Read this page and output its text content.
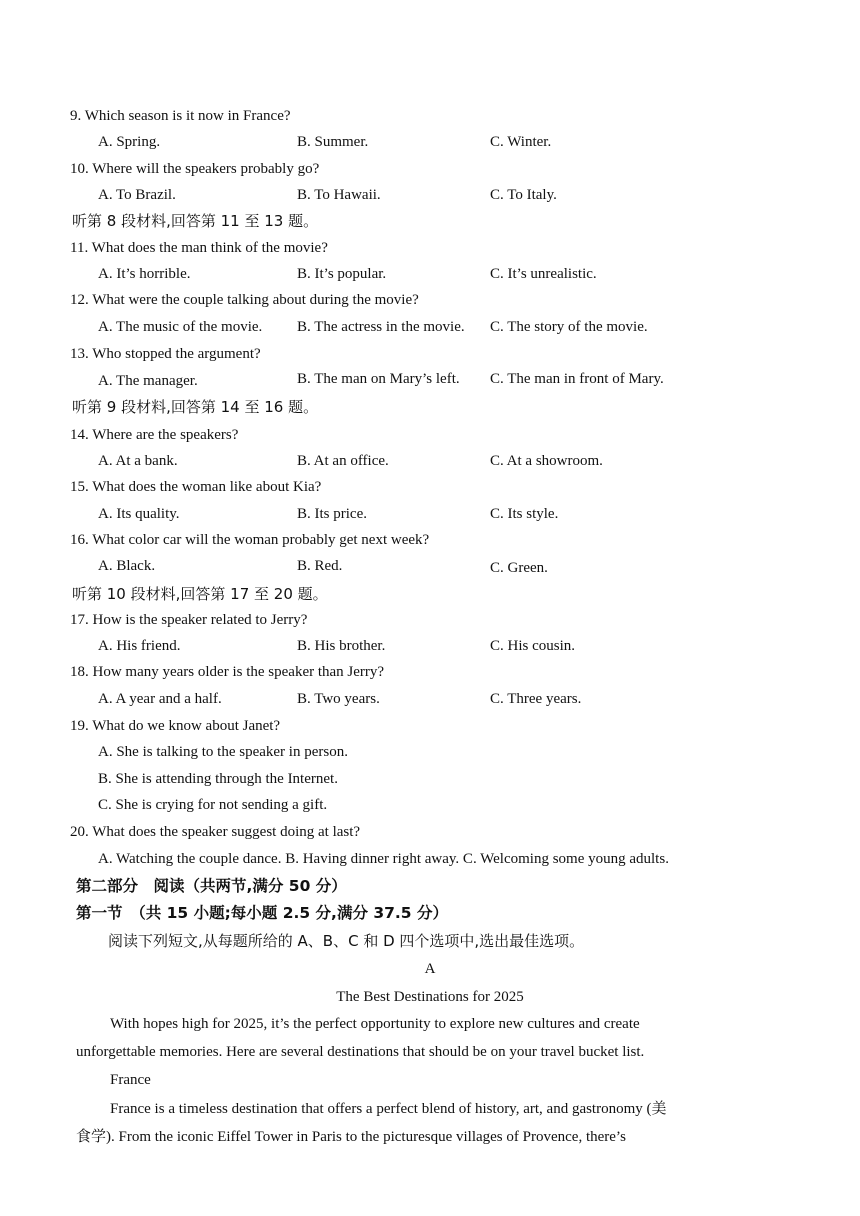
9. Which season is it now in France?
A. Spring.	B. Summer.	C. Winter.
10. Where will the speakers probably go?
A. To Brazil.	B. To Hawaii.	C. To Italy.
听第 8 段材料,回答第 11 至 13 题。
11. What does the man think of the movie?
A. It’s horrible.	B. It’s popular.	C. It’s unrealistic.
12. What were the couple talking about during the movie?
A. The music of the movie. B. The actress in the movie. C. The story of the movie.
13. Who stopped the argument?
A. The manager.	B. The man on Mary’s left. C. The man in front of Mary.
听第 9 段材料,回答第 14 至 16 题。
14. Where are the speakers?
A. At a bank.	B. At an office.	C. At a showroom.
15. What does the woman like about Kia?
A. Its quality.	B. Its price.	C. Its style.
16. What color car will the woman probably get next week?
A. Black.	B. Red.	C. Green.
听第 10 段材料,回答第 17 至 20 题。
17. How is the speaker related to Jerry?
A. His friend.	B. His brother.	C. His cousin.
18. How many years older is the speaker than Jerry?
A. A year and a half.	B. Two years.	C. Three years.
19. What do we know about Janet?
A. She is talking to the speaker in person.
B. She is attending through the Internet.
C. She is crying for not sending a gift.
20. What does the speaker suggest doing at last?
A. Watching the couple dance. B. Having dinner right away. C. Welcoming some young adults.
第二部分　阅读（共两节,满分 50 分）
第一节　（共 15 小题;每小题 2.5 分,满分 37.5 分）
阅读下列短文,从每题所给的 A、B、C 和 D 四个选项中,选出最佳选项。
A
The Best Destinations for 2025
With hopes high for 2025, it’s the perfect opportunity to explore new cultures and create
unforgettable memories. Here are several destinations that should be on your travel bucket list.
France
France is a timeless destination that offers a perfect blend of history, art, and gastronomy (美
食学). From the iconic Eiffel Tower in Paris to the picturesque villages of Provence, there’s
